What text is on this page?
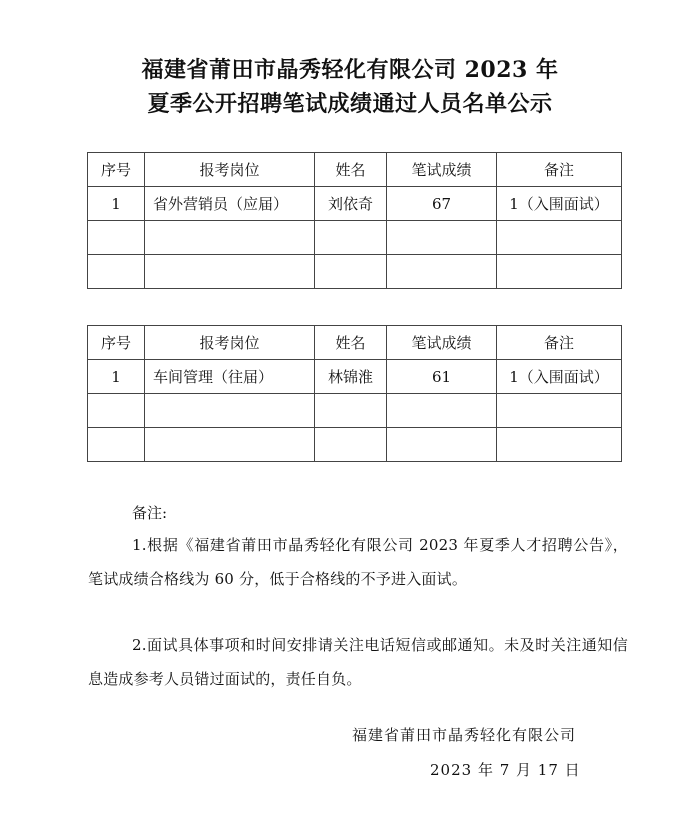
福建省莆田市晶秀轻化有限公司 2023 年
夏季公开招聘笔试成绩通过人员名单公示
序号	报考岗位	姓名	笔试成绩	备注
1	省外营销员（应届）	刘依奇	67	1（入围面试）

序号	报考岗位	姓名	笔试成绩	备注
1	车间管理（往届）	林锦淮	61	1（入围面试）

备注:
1.根据《福建省莆田市晶秀轻化有限公司 2023 年夏季人才招聘公告》，笔试成绩合格线为 60 分，低于合格线的不予进入面试。
2.面试具体事项和时间安排请关注电话短信或邮通知。未及时关注通知信息造成参考人员错过面试的，责任自负。
福建省莆田市晶秀轻化有限公司
2023 年 7 月 17 日
